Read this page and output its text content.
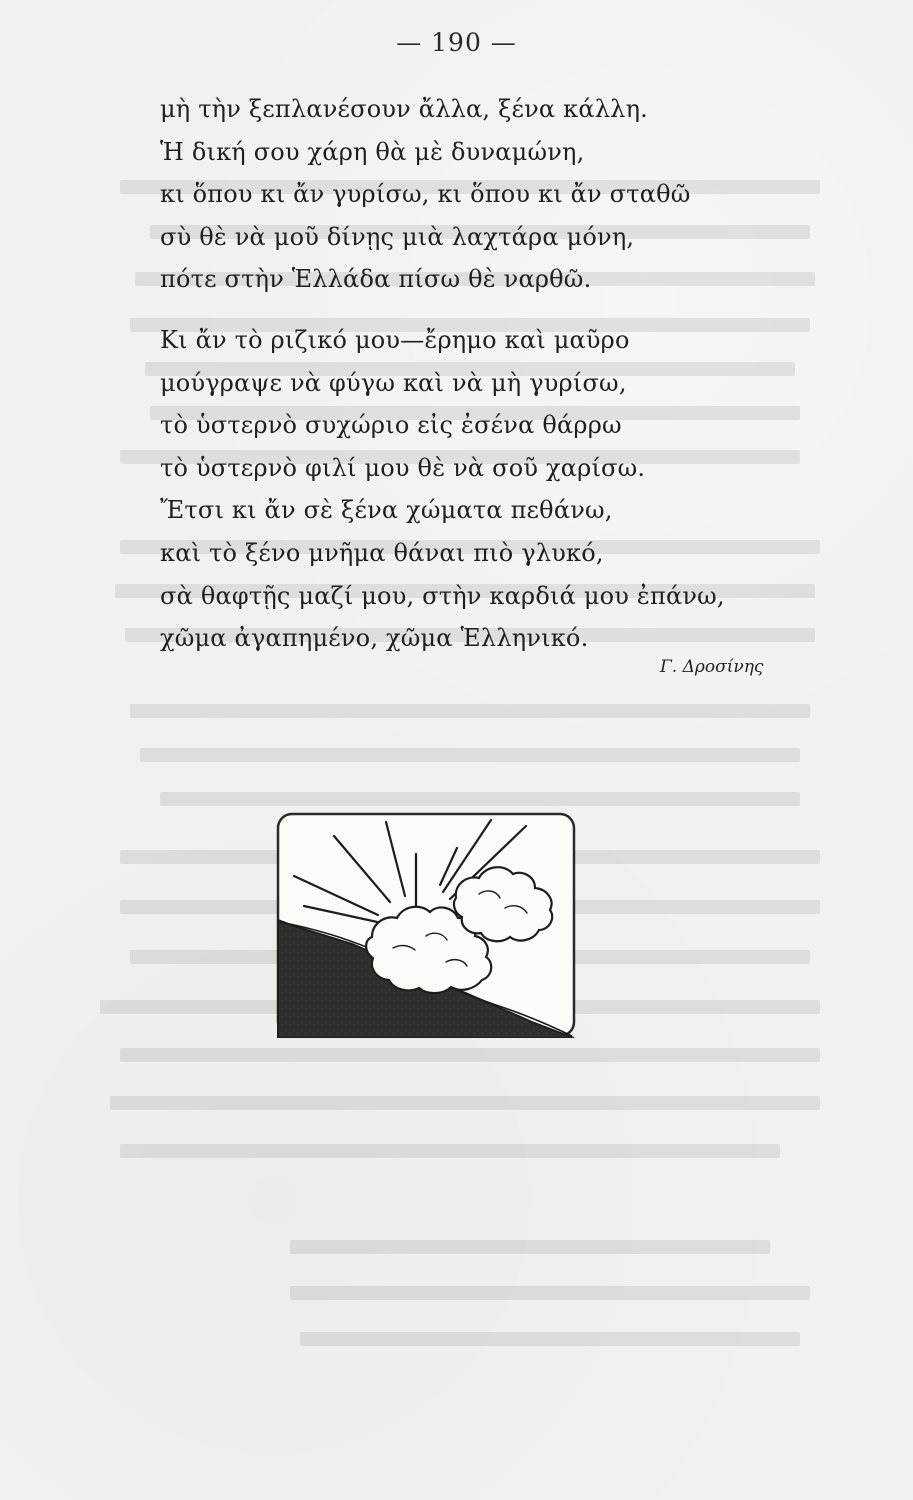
— 190 —
μὴ τὴν ξεπλανέσουν ἄλλα, ξένα κάλλη.
Ἡ δική σου χάρη θὰ μὲ δυναμώνη,
κι ὅπου κι ἄν γυρίσω, κι ὅπου κι ἄν σταθῶ
σὺ θὲ νὰ μοῦ δίνῃς μιὰ λαχτάρα μόνη,
πότε στὴν Ἑλλάδα πίσω θὲ ναρθῶ.
Κι ἄν τὸ ριζικό μου—ἔρημο καὶ μαῦρο
μούγραψε νὰ φύγω καὶ νὰ μὴ γυρίσω,
τὸ ὑστερνὸ συχώριο εἰς ἐσένα θάρρω
τὸ ὑστερνὸ φιλί μου θὲ νὰ σοῦ χαρίσω.
Ἔτσι κι ἄν σὲ ξένα χώματα πεθάνω,
καὶ τὸ ξένο μνῆμα θάναι πιὸ γλυκό,
σὰ θαφτῇς μαζί μου, στὴν καρδιά μου ἐπάνω,
χῶμα ἀγαπημένο, χῶμα Ἑλληνικό.
Γ. Δροσίνης
